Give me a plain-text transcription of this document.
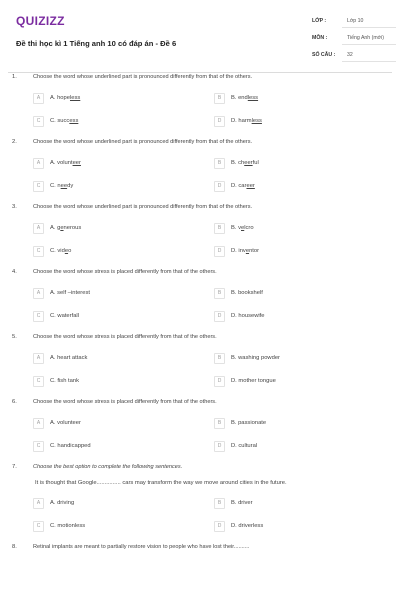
QUIZIZZ
Đề thi học kì 1 Tiếng anh 10 có đáp án - Đề 6
LỚP :	Lớp 10
MÔN :	Tiếng Anh (mới)
SỐ CÂU : 32
1.	Choose the word whose underlined part is pronounced differently from that of the others.
A	A. hopeless	B	B. endless
C	C. success	D	D. harmless
2.	Choose the word whose underlined part is pronounced differently from that of the others.
A	A. volunteer	B	B. cheerful
C	C. needy	D	D. career
3.	Choose the word whose underlined part is pronounced differently from that of the others.
A	A. generous	B	B. velcro
C	C. video	D	D. inventor
4.	Choose the word whose stress is placed differently from that of the others.
A	A. self –interest	B	B. bookshelf
C	C. waterfall	D	D. housewife
5.	Choose the word whose stress is placed differently from that of the others.
A	A. heart attack	B	B. washing powder
C	C. fish tank	D	D. mother tongue
6.	Choose the word whose stress is placed differently from that of the others.
A	A. volunteer	B	B. passionate
C	C. handicapped	D	D. cultural
7.	Choose the best option to complete the following sentences.
It is thought that Google............... cars may transform the way we move around cities in the future.
A	A. driving	B	B. driver
C	C. motionless	D	D. driverless
8.	Retinal implants are meant to partially restore vision to people who have lost their..........
